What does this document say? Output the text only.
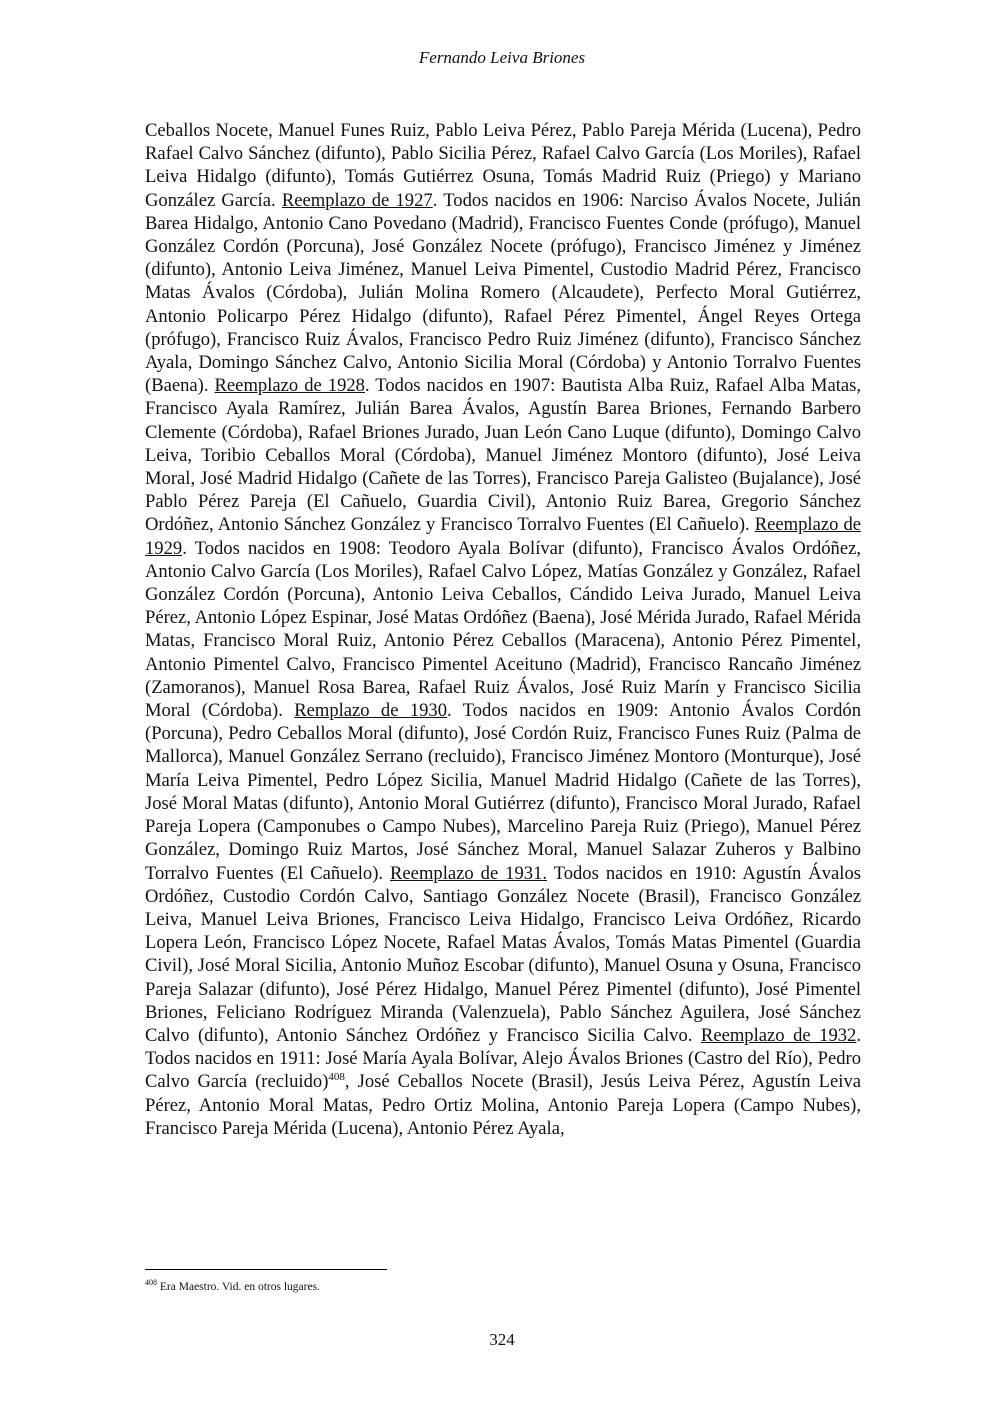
Fernando Leiva Briones

Ceballos Nocete, Manuel Funes Ruiz, Pablo Leiva Pérez, Pablo Pareja Mérida (Lucena), Pedro Rafael Calvo Sánchez (difunto), Pablo Sicilia Pérez, Rafael Calvo García (Los Moriles), Rafael Leiva Hidalgo (difunto), Tomás Gutiérrez Osuna, Tomás Madrid Ruiz (Priego) y Mariano González García. Reemplazo de 1927. Todos nacidos en 1906: Narciso Ávalos Nocete, Julián Barea Hidalgo, Antonio Cano Povedano (Madrid), Francisco Fuentes Conde (prófugo), Manuel González Cordón (Porcuna), José González Nocete (prófugo), Francisco Jiménez y Jiménez (difunto), Antonio Leiva Jiménez, Manuel Leiva Pimentel, Custodio Madrid Pérez, Francisco Matas Ávalos (Córdoba), Julián Molina Romero (Alcaudete), Perfecto Moral Gutiérrez, Antonio Policarpo Pérez Hidalgo (difunto), Rafael Pérez Pimentel, Ángel Reyes Ortega (prófugo), Francisco Ruiz Ávalos, Francisco Pedro Ruiz Jiménez (difunto), Francisco Sánchez Ayala, Domingo Sánchez Calvo, Antonio Sicilia Moral (Córdoba) y Antonio Torralvo Fuentes (Baena). Reemplazo de 1928. Todos nacidos en 1907: Bautista Alba Ruiz, Rafael Alba Matas, Francisco Ayala Ramírez, Julián Barea Ávalos, Agustín Barea Briones, Fernando Barbero Clemente (Córdoba), Rafael Briones Jurado, Juan León Cano Luque (difunto), Domingo Calvo Leiva, Toribio Ceballos Moral (Córdoba), Manuel Jiménez Montoro (difunto), José Leiva Moral, José Madrid Hidalgo (Cañete de las Torres), Francisco Pareja Galisteo (Bujalance), José Pablo Pérez Pareja (El Cañuelo, Guardia Civil), Antonio Ruiz Barea, Gregorio Sánchez Ordóñez, Antonio Sánchez González y Francisco Torralvo Fuentes (El Cañuelo). Reemplazo de 1929. Todos nacidos en 1908: Teodoro Ayala Bolívar (difunto), Francisco Ávalos Ordóñez, Antonio Calvo García (Los Moriles), Rafael Calvo López, Matías González y González, Rafael González Cordón (Porcuna), Antonio Leiva Ceballos, Cándido Leiva Jurado, Manuel Leiva Pérez, Antonio López Espinar, José Matas Ordóñez (Baena), José Mérida Jurado, Rafael Mérida Matas, Francisco Moral Ruiz, Antonio Pérez Ceballos (Maracena), Antonio Pérez Pimentel, Antonio Pimentel Calvo, Francisco Pimentel Aceituno (Madrid), Francisco Rancaño Jiménez (Zamoranos), Manuel Rosa Barea, Rafael Ruiz Ávalos, José Ruiz Marín y Francisco Sicilia Moral (Córdoba). Remplazo de 1930. Todos nacidos en 1909: Antonio Ávalos Cordón (Porcuna), Pedro Ceballos Moral (difunto), José Cordón Ruiz, Francisco Funes Ruiz (Palma de Mallorca), Manuel González Serrano (recluido), Francisco Jiménez Montoro (Monturque), José María Leiva Pimentel, Pedro López Sicilia, Manuel Madrid Hidalgo (Cañete de las Torres), José Moral Matas (difunto), Antonio Moral Gutiérrez (difunto), Francisco Moral Jurado, Rafael Pareja Lopera (Camponubes o Campo Nubes), Marcelino Pareja Ruiz (Priego), Manuel Pérez González, Domingo Ruiz Martos, José Sánchez Moral, Manuel Salazar Zuheros y Balbino Torralvo Fuentes (El Cañuelo). Reemplazo de 1931. Todos nacidos en 1910: Agustín Ávalos Ordóñez, Custodio Cordón Calvo, Santiago González Nocete (Brasil), Francisco González Leiva, Manuel Leiva Briones, Francisco Leiva Hidalgo, Francisco Leiva Ordóñez, Ricardo Lopera León, Francisco López Nocete, Rafael Matas Ávalos, Tomás Matas Pimentel (Guardia Civil), José Moral Sicilia, Antonio Muñoz Escobar (difunto), Manuel Osuna y Osuna, Francisco Pareja Salazar (difunto), José Pérez Hidalgo, Manuel Pérez Pimentel (difunto), José Pimentel Briones, Feliciano Rodríguez Miranda (Valenzuela), Pablo Sánchez Aguilera, José Sánchez Calvo (difunto), Antonio Sánchez Ordóñez y Francisco Sicilia Calvo. Reemplazo de 1932. Todos nacidos en 1911: José María Ayala Bolívar, Alejo Ávalos Briones (Castro del Río), Pedro Calvo García (recluido)$^{408}$, José Ceballos Nocete (Brasil), Jesús Leiva Pérez, Agustín Leiva Pérez, Antonio Moral Matas, Pedro Ortiz Molina, Antonio Pareja Lopera (Campo Nubes), Francisco Pareja Mérida (Lucena), Antonio Pérez Ayala,

$^{408}$ Era Maestro. Vid. en otros lugares.
324
